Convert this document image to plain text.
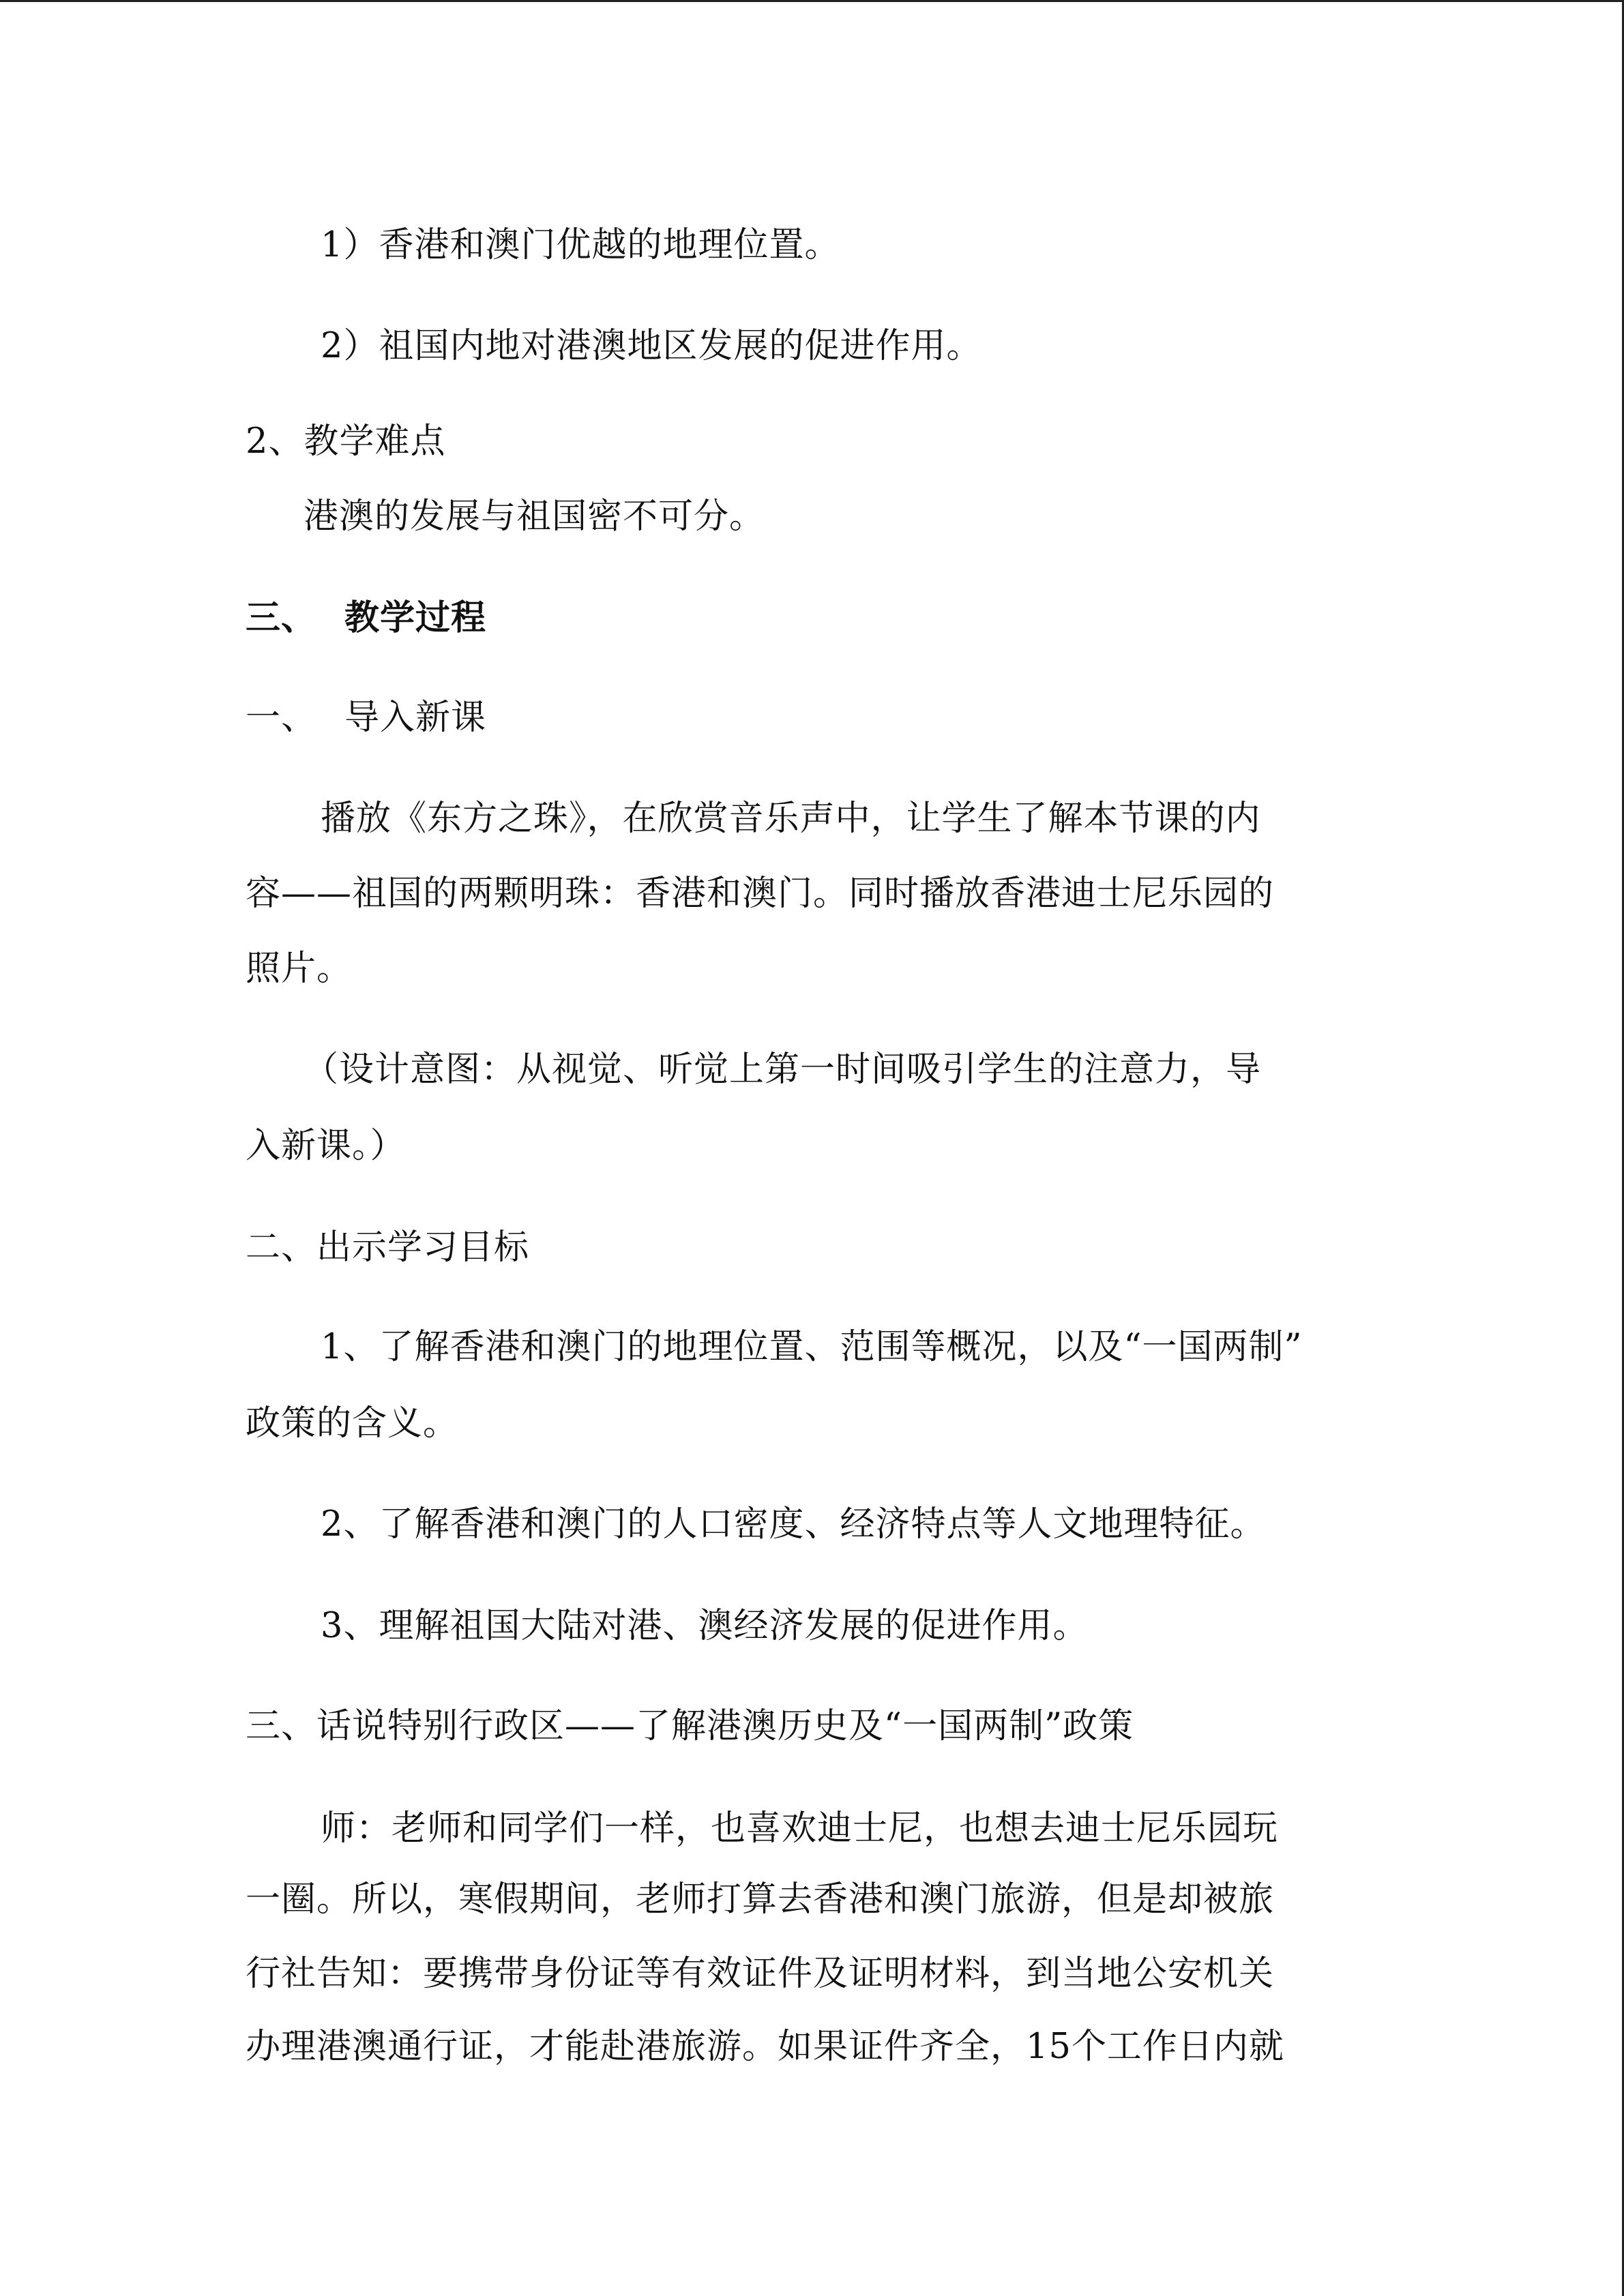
1）香港和澳门优越的地理位置。
2）祖国内地对港澳地区发展的促进作用。
2、教学难点
港澳的发展与祖国密不可分。
三、 教学过程
一、 导入新课
播放《东方之珠》，在欣赏音乐声中，让学生了解本节课的内
容——祖国的两颗明珠：香港和澳门。同时播放香港迪士尼乐园的
照片。
（设计意图：从视觉、听觉上第一时间吸引学生的注意力，导
入新课。）
二、出示学习目标
1、了解香港和澳门的地理位置、范围等概况，以及“一国两制”
政策的含义。
2、了解香港和澳门的人口密度、经济特点等人文地理特征。
3、理解祖国大陆对港、澳经济发展的促进作用。
三、话说特别行政区——了解港澳历史及“一国两制”政策
师：老师和同学们一样，也喜欢迪士尼，也想去迪士尼乐园玩
一圈。所以，寒假期间，老师打算去香港和澳门旅游，但是却被旅
行社告知：要携带身份证等有效证件及证明材料，到当地公安机关
办理港澳通行证，才能赴港旅游。如果证件齐全，15个工作日内就
